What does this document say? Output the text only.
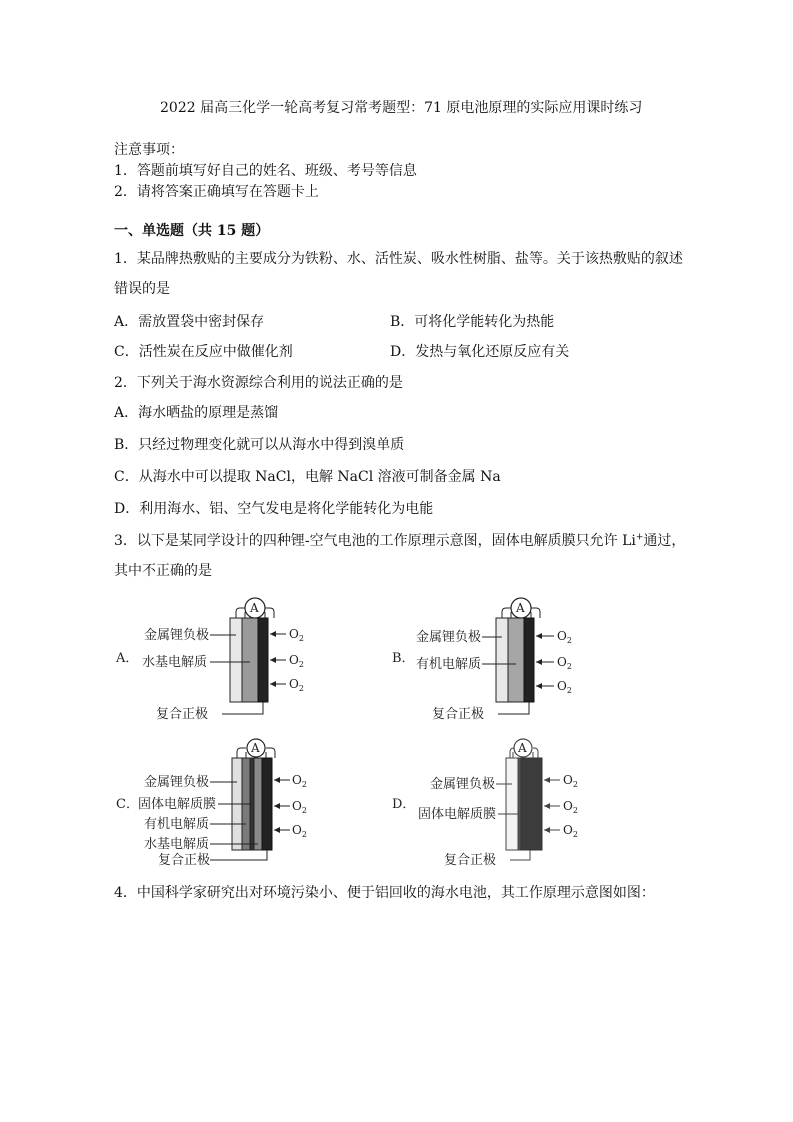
2022 届高三化学一轮高考复习常考题型：71 原电池原理的实际应用课时练习
注意事项：
1．答题前填写好自己的姓名、班级、考号等信息
2．请将答案正确填写在答题卡上
一、单选题（共 15 题）
1．某品牌热敷贴的主要成分为铁粉、水、活性炭、吸水性树脂、盐等。关于该热敷贴的叙述
错误的是
A．需放置袋中密封保存	B．可将化学能转化为热能
C．活性炭在反应中做催化剂	D．发热与氧化还原反应有关
2．下列关于海水资源综合利用的说法正确的是
A．海水晒盐的原理是蒸馏
B．只经过物理变化就可以从海水中得到溴单质
C．从海水中可以提取 NaCl，电解 NaCl 溶液可制备金属 Na
D．利用海水、铝、空气发电是将化学能转化为电能
3．以下是某同学设计的四种锂-空气电池的工作原理示意图，固体电解质膜只允许 Li+通过，
其中不正确的是
A．
A
金属锂负极
水基电解质
复合正极
$O_2$
$O_2$
$O_2$
B．
A
金属锂负极
有机电解质
复合正极
$O_2$
$O_2$
$O_2$
C．
A
金属锂负极
固体电解质膜
有机电解质
水基电解质
复合正极
$O_2$
$O_2$
$O_2$
D．
A
金属锂负极
固体电解质膜
复合正极
$O_2$
$O_2$
$O_2$
4．中国科学家研究出对环境污染小、便于铝回收的海水电池，其工作原理示意图如图：
